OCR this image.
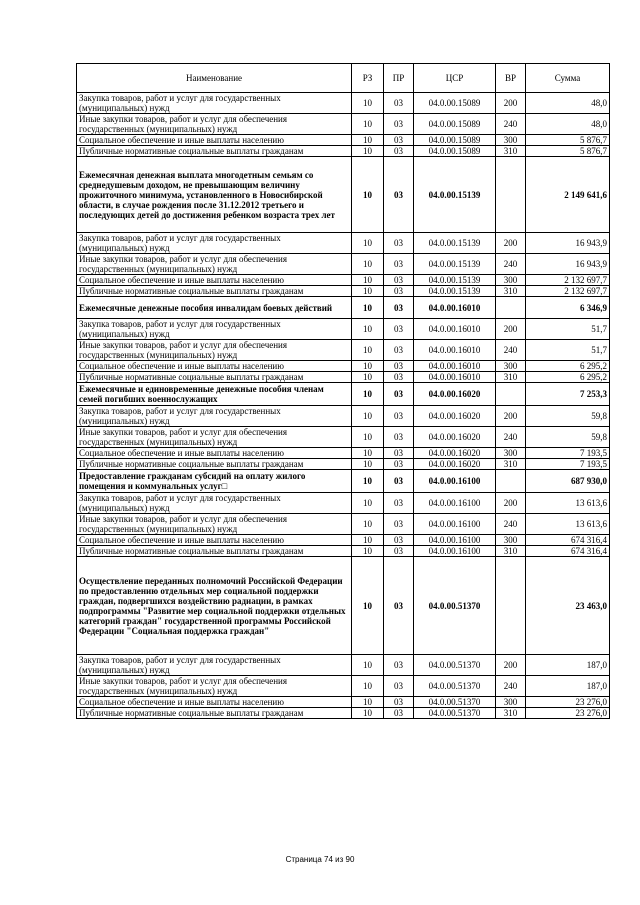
Наименование	РЗ	ПР	ЦСР	ВР	Сумма
Закупка товаров, работ и услуг для государственных (муниципальных) нужд	10	03	04.0.00.15089	200	48,0
Иные закупки товаров, работ и услуг для обеспечения государственных (муниципальных) нужд	10	03	04.0.00.15089	240	48,0
Социальное обеспечение и иные выплаты населению	10	03	04.0.00.15089	300	5 876,7
Публичные нормативные социальные выплаты гражданам	10	03	04.0.00.15089	310	5 876,7
Ежемесячная денежная выплата многодетным семьям со среднедушевым доходом, не превышающим величину прожиточного минимума, установленного в Новосибирской области, в случае рождения после 31.12.2012 третьего и последующих детей до достижения ребенком возраста трех лет	10	03	04.0.00.15139		2 149 641,6
Закупка товаров, работ и услуг для государственных (муниципальных) нужд	10	03	04.0.00.15139	200	16 943,9
Иные закупки товаров, работ и услуг для обеспечения государственных (муниципальных) нужд	10	03	04.0.00.15139	240	16 943,9
Социальное обеспечение и иные выплаты населению	10	03	04.0.00.15139	300	2 132 697,7
Публичные нормативные социальные выплаты гражданам	10	03	04.0.00.15139	310	2 132 697,7
Ежемесячные денежные пособия инвалидам боевых действий	10	03	04.0.00.16010		6 346,9
Закупка товаров, работ и услуг для государственных (муниципальных) нужд	10	03	04.0.00.16010	200	51,7
Иные закупки товаров, работ и услуг для обеспечения государственных (муниципальных) нужд	10	03	04.0.00.16010	240	51,7
Социальное обеспечение и иные выплаты населению	10	03	04.0.00.16010	300	6 295,2
Публичные нормативные социальные выплаты гражданам	10	03	04.0.00.16010	310	6 295,2
Ежемесячные и единовременные денежные пособия членам семей погибших военнослужащих	10	03	04.0.00.16020		7 253,3
Закупка товаров, работ и услуг для государственных (муниципальных) нужд	10	03	04.0.00.16020	200	59,8
Иные закупки товаров, работ и услуг для обеспечения государственных (муниципальных) нужд	10	03	04.0.00.16020	240	59,8
Социальное обеспечение и иные выплаты населению	10	03	04.0.00.16020	300	7 193,5
Публичные нормативные социальные выплаты гражданам	10	03	04.0.00.16020	310	7 193,5
Предоставление гражданам субсидий на оплату жилого помещения и коммунальных услуг□	10	03	04.0.00.16100		687 930,0
Закупка товаров, работ и услуг для государственных (муниципальных) нужд	10	03	04.0.00.16100	200	13 613,6
Иные закупки товаров, работ и услуг для обеспечения государственных (муниципальных) нужд	10	03	04.0.00.16100	240	13 613,6
Социальное обеспечение и иные выплаты населению	10	03	04.0.00.16100	300	674 316,4
Публичные нормативные социальные выплаты гражданам	10	03	04.0.00.16100	310	674 316,4
Осуществление переданных полномочий Российской Федерации по предоставлению отдельных мер социальной поддержки граждан, подвергшихся воздействию радиации, в рамках подпрограммы "Развитие мер социальной поддержки отдельных категорий граждан" государственной программы Российской Федерации "Социальная поддержка граждан"	10	03	04.0.00.51370		23 463,0
Закупка товаров, работ и услуг для государственных (муниципальных) нужд	10	03	04.0.00.51370	200	187,0
Иные закупки товаров, работ и услуг для обеспечения государственных (муниципальных) нужд	10	03	04.0.00.51370	240	187,0
Социальное обеспечение и иные выплаты населению	10	03	04.0.00.51370	300	23 276,0
Публичные нормативные социальные выплаты гражданам	10	03	04.0.00.51370	310	23 276,0
Страница 74 из 90
